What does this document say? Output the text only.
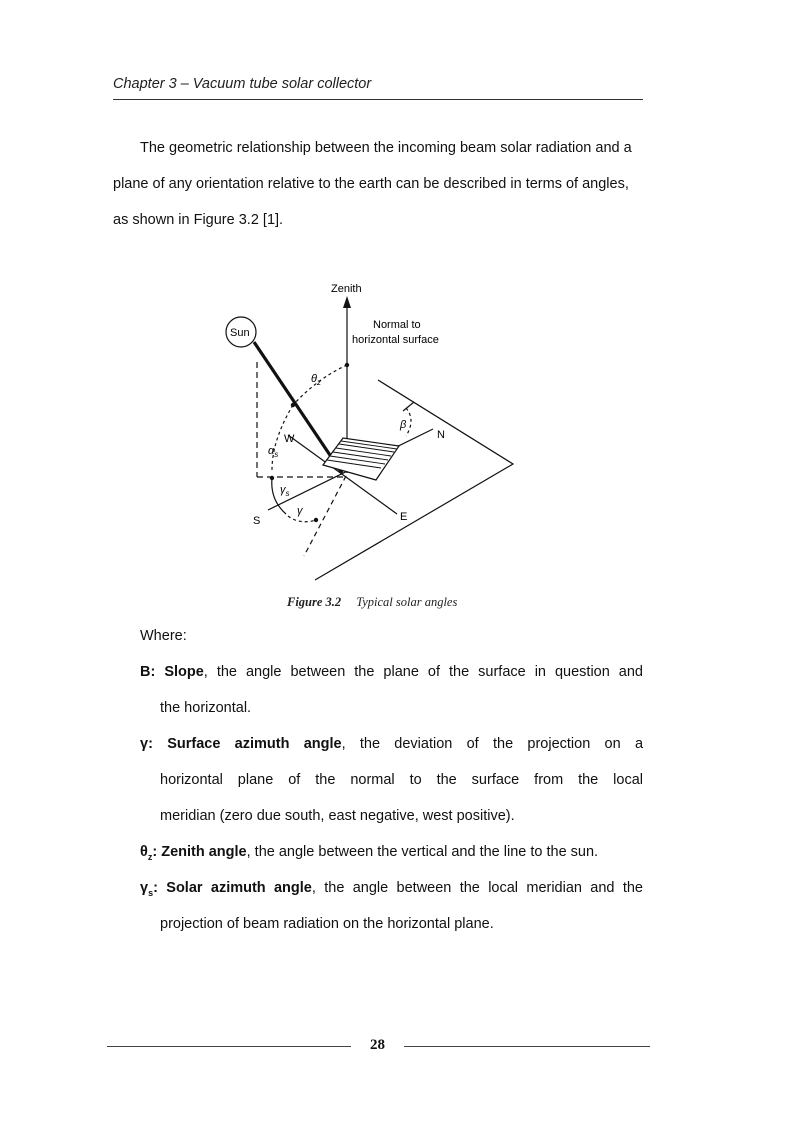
Chapter 3 – Vacuum tube solar collector
The geometric relationship between the incoming beam solar radiation and a
plane of any orientation relative to the earth can be described in terms of angles,
as shown in Figure 3.2 [1].
Zenith
Sun
Normal to
horizontal surface
$\theta_z$
β
W	N
$\alpha_s$
$\gamma_s$
S
γ	E
Figure 3.2 Typical solar angles
Where:
B: Slope, the angle between the plane of the surface in question and
the horizontal.
γ: Surface azimuth angle, the deviation of the projection on a
horizontal plane of the normal to the surface from the local
meridian (zero due south, east negative, west positive).
$\theta_z$: Zenith angle, the angle between the vertical and the line to the sun.
$\gamma_s$: Solar azimuth angle, the angle between the local meridian and the
projection of beam radiation on the horizontal plane.
28
